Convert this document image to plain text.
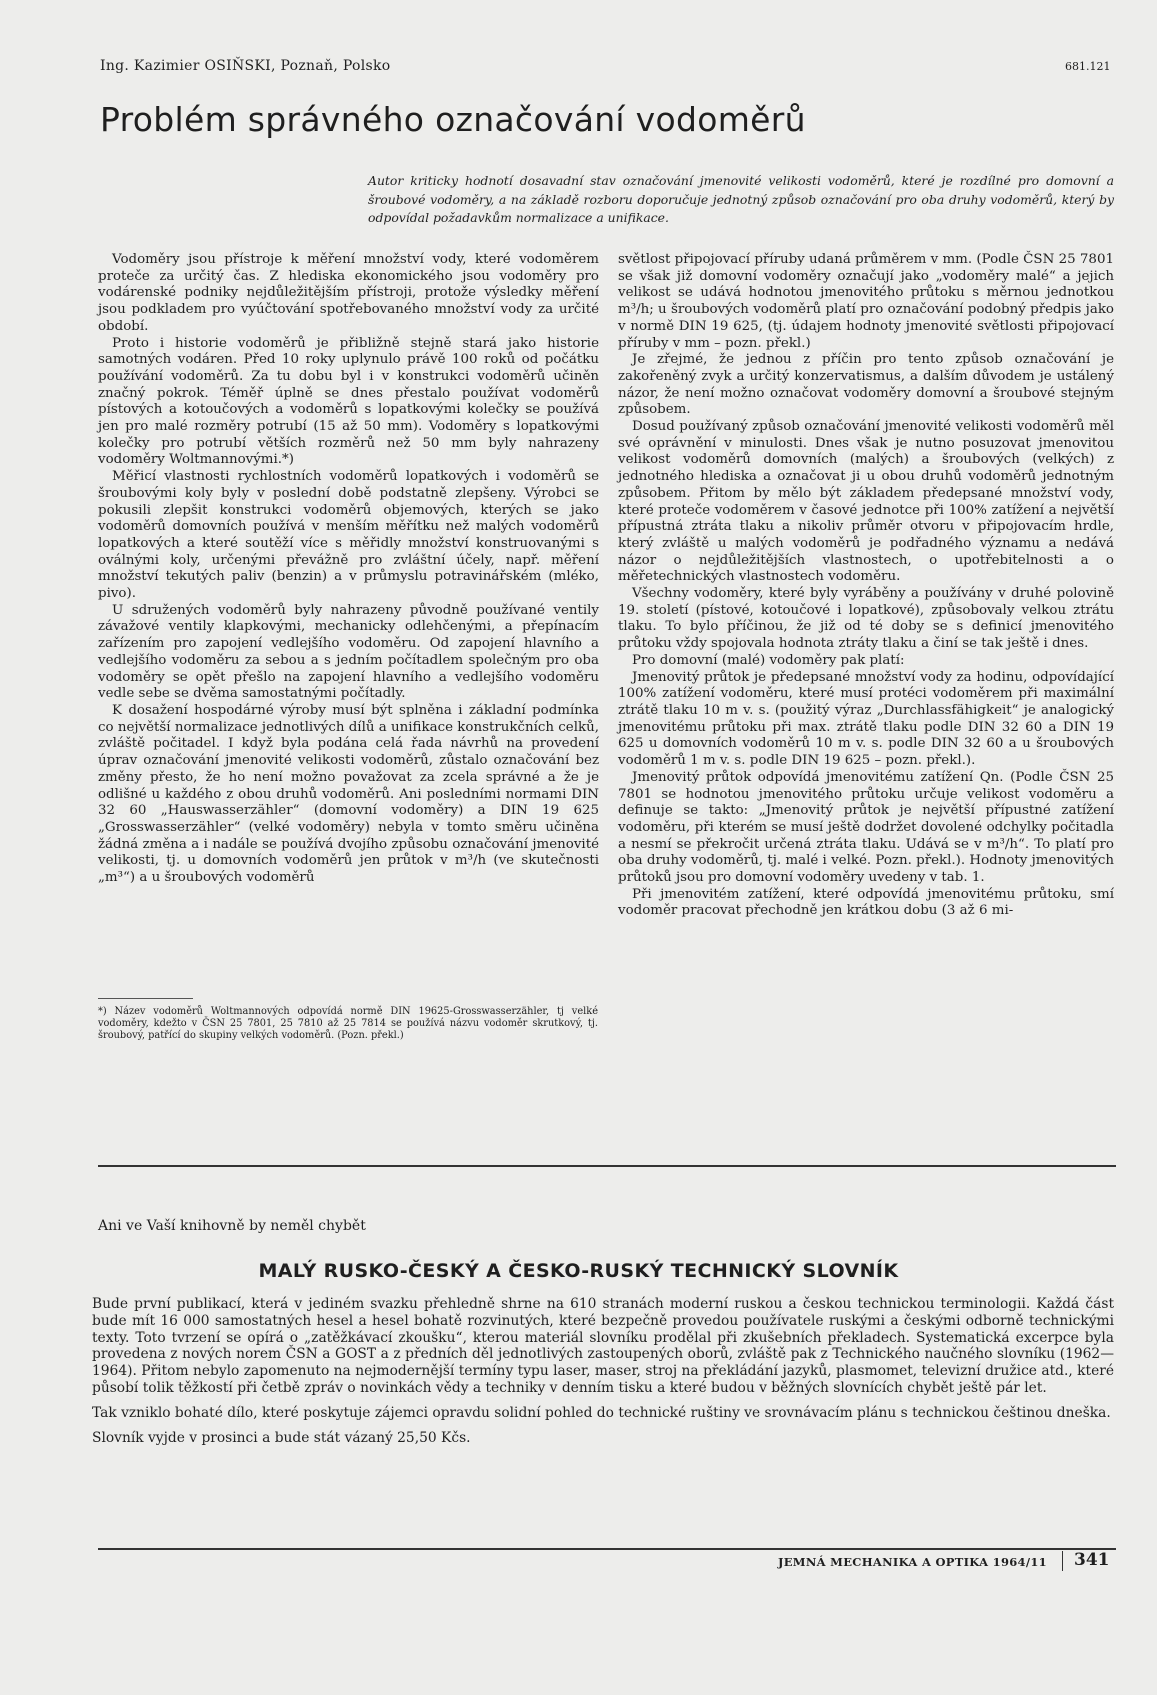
Ing. Kazimier OSIŇSKI, Poznaň, Polsko	681.121
Problém správného označování vodoměrů

Autor kriticky hodnotí dosavadní stav označování jmenovité velikosti vodoměrů, které je rozdílné pro domovní a šroubové vodoměry, a na základě rozboru doporučuje jednotný způsob označování pro oba druhy vodoměrů, který by odpovídal požadavkům normalizace a unifikace.

Vodoměry jsou přístroje k měření množství vody, které vodoměrem proteče za určitý čas. Z hlediska ekonomického jsou vodoměry pro vodárenské podniky nejdůležitějším přístroji, protože výsledky měření jsou podkladem pro vyúčtování spotřebovaného množství vody za určité období.

Proto i historie vodoměrů je přibližně stejně stará jako historie samotných vodáren. Před 10 roky uplynulo právě 100 roků od počátku používání vodoměrů. Za tu dobu byl i v konstrukci vodoměrů učiněn značný pokrok. Téměř úplně se dnes přestalo používat vodoměrů pístových a kotoučových a vodoměrů s lopatkovými kolečky se používá jen pro malé rozměry potrubí (15 až 50 mm). Vodoměry s lopatkovými kolečky pro potrubí větších rozměrů než 50 mm byly nahrazeny vodoměry Woltmannovými.*)

Měřicí vlastnosti rychlostních vodoměrů lopatkových i vodoměrů se šroubovými koly byly v poslední době podstatně zlepšeny. Výrobci se pokusili zlepšit konstrukci vodoměrů objemových, kterých se jako vodoměrů domovních používá v menším měřítku než malých vodoměrů lopatkových a které soutěží více s měřidly množství konstruovanými s oválnými koly, určenými převážně pro zvláštní účely, např. měření množství tekutých paliv (benzin) a v průmyslu potravinářském (mléko, pivo).

U sdružených vodoměrů byly nahrazeny původně používané ventily závažové ventily klapkovými, mechanicky odlehčenými, a přepínacím zařízením pro zapojení vedlejšího vodoměru. Od zapojení hlavního a vedlejšího vodoměru za sebou a s jedním počítadlem společným pro oba vodoměry se opět přešlo na zapojení hlavního a vedlejšího vodoměru vedle sebe se dvěma samostatnými počítadly.

K dosažení hospodárné výroby musí být splněna i základní podmínka co největší normalizace jednotlivých dílů a unifikace konstrukčních celků, zvláště počitadel. I když byla podána celá řada návrhů na provedení úprav označování jmenovité velikosti vodoměrů, zůstalo označování bez změny přesto, že ho není možno považovat za zcela správné a že je odlišné u každého z obou druhů vodoměrů. Ani posledními normami DIN 32 60 „Hauswasserzähler“ (domovní vodoměry) a DIN 19 625 „Grosswasserzähler“ (velké vodoměry) nebyla v tomto směru učiněna žádná změna a i nadále se používá dvojího způsobu označování jmenovité velikosti, tj. u domovních vodoměrů jen průtok v m³/h (ve skutečnosti „m³“) a u šroubových vodoměrů

*) Název vodoměrů Woltmannových odpovídá normě DIN 19625-Grosswasserzähler, tj velké vodoměry, kdežto v ČSN 25 7801, 25 7810 až 25 7814 se používá názvu vodoměr skrutkový, tj. šroubový, patřící do skupiny velkých vodoměrů. (Pozn. překl.)

světlost připojovací příruby udaná průměrem v mm. (Podle ČSN 25 7801 se však již domovní vodoměry označují jako „vodoměry malé“ a jejich velikost se udává hodnotou jmenovitého průtoku s měrnou jednotkou m³/h; u šroubových vodoměrů platí pro označování podobný předpis jako v normě DIN 19 625, (tj. údajem hodnoty jmenovité světlosti připojovací příruby v mm – pozn. překl.)

Je zřejmé, že jednou z příčin pro tento způsob označování je zakořeněný zvyk a určitý konzervatismus, a dalším důvodem je ustálený názor, že není možno označovat vodoměry domovní a šroubové stejným způsobem.

Dosud používaný způsob označování jmenovité velikosti vodoměrů měl své oprávnění v minulosti. Dnes však je nutno posuzovat jmenovitou velikost vodoměrů domovních (malých) a šroubových (velkých) z jednotného hlediska a označovat ji u obou druhů vodoměrů jednotným způsobem. Přitom by mělo být základem předepsané množství vody, které proteče vodoměrem v časové jednotce při 100% zatížení a největší přípustná ztráta tlaku a nikoliv průměr otvoru v připojovacím hrdle, který zvláště u malých vodoměrů je podřadného významu a nedává názor o nejdůležitějších vlastnostech, o upotřebitelnosti a o měřetechnických vlastnostech vodoměru.

Všechny vodoměry, které byly vyráběny a používány v druhé polovině 19. století (pístové, kotoučové i lopatkové), způsobovaly velkou ztrátu tlaku. To bylo příčinou, že již od té doby se s definicí jmenovitého průtoku vždy spojovala hodnota ztráty tlaku a činí se tak ještě i dnes.

Pro domovní (malé) vodoměry pak platí:

Jmenovitý průtok je předepsané množství vody za hodinu, odpovídající 100% zatížení vodoměru, které musí protéci vodoměrem při maximální ztrátě tlaku 10 m v. s. (použitý výraz „Durchlassfähigkeit“ je analogický jmenovitému průtoku při max. ztrátě tlaku podle DIN 32 60 a DIN 19 625 u domovních vodoměrů 10 m v. s. podle DIN 32 60 a u šroubových vodoměrů 1 m v. s. podle DIN 19 625 – pozn. překl.).

Jmenovitý průtok odpovídá jmenovitému zatížení Qn. (Podle ČSN 25 7801 se hodnotou jmenovitého průtoku určuje velikost vodoměru a definuje se takto: „Jmenovitý průtok je největší přípustné zatížení vodoměru, při kterém se musí ještě dodržet dovolené odchylky počitadla a nesmí se překročit určená ztráta tlaku. Udává se v m³/h“. To platí pro oba druhy vodoměrů, tj. malé i velké. Pozn. překl.). Hodnoty jmenovitých průtoků jsou pro domovní vodoměry uvedeny v tab. 1.

Při jmenovitém zatížení, které odpovídá jmenovitému průtoku, smí vodoměr pracovat přechodně jen krátkou dobu (3 až 6 mi-

Ani ve Vaší knihovně by neměl chybět
MALÝ RUSKO-ČESKÝ A ČESKO-RUSKÝ TECHNICKÝ SLOVNÍK

Bude první publikací, která v jediném svazku přehledně shrne na 610 stranách moderní ruskou a českou technickou terminologii. Každá část bude mít 16 000 samostatných hesel a hesel bohatě rozvinutých, které bezpečně provedou používatele ruskými a českými odborně technickými texty. Toto tvrzení se opírá o „zatěžkávací zkoušku“, kterou materiál slovníku prodělal při zkušebních překladech. Systematická excerpce byla provedena z nových norem ČSN a GOST a z předních děl jednotlivých zastoupených oborů, zvláště pak z Technického naučného slovníku (1962—1964). Přitom nebylo zapomenuto na nejmodernější termíny typu laser, maser, strој na překládání jazyků, plasmomet, televizní družice atd., které působí tolik těžkostí při četbě zpráv o novinkách vědy a techniky v denním tisku a které budou v běžných slovnících chybět ještě pár let.

Tak vzniklo bohaté dílo, které poskytuje zájemci opravdu solidní pohled do technické ruštiny ve srovnávacím plánu s technickou češtinou dneška.

Slovník vyjde v prosinci a bude stát vázaný 25,50 Kčs.

JEMNÁ MECHANIKA A OPTIKA 1964/11 341
